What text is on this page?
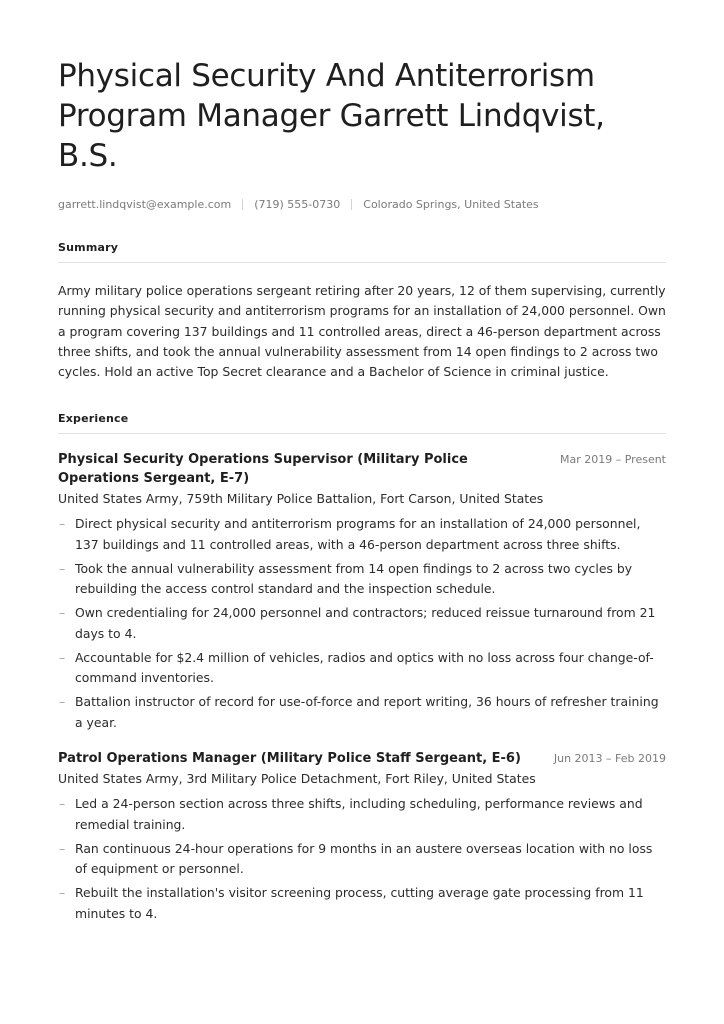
Physical Security And Antiterrorism Program Manager Garrett Lindqvist, B.S.
garrett.lindqvist@example.com (719) 555-0730 Colorado Springs, United States
Summary
Army military police operations sergeant retiring after 20 years, 12 of them supervising, currently running physical security and antiterrorism programs for an installation of 24,000 personnel. Own a program covering 137 buildings and 11 controlled areas, direct a 46-person department across three shifts, and took the annual vulnerability assessment from 14 open findings to 2 across two cycles. Hold an active Top Secret clearance and a Bachelor of Science in criminal justice.
Experience
Physical Security Operations Supervisor (Military Police Operations Sergeant, E-7)
Mar 2019 – Present
United States Army, 759th Military Police Battalion, Fort Carson, United States
– Direct physical security and antiterrorism programs for an installation of 24,000 personnel, 137 buildings and 11 controlled areas, with a 46-person department across three shifts.
– Took the annual vulnerability assessment from 14 open findings to 2 across two cycles by rebuilding the access control standard and the inspection schedule.
– Own credentialing for 24,000 personnel and contractors; reduced reissue turnaround from 21 days to 4.
– Accountable for $2.4 million of vehicles, radios and optics with no loss across four change-of-command inventories.
– Battalion instructor of record for use-of-force and report writing, 36 hours of refresher training a year.
Patrol Operations Manager (Military Police Staff Sergeant, E-6)	Jun 2013 – Feb 2019
United States Army, 3rd Military Police Detachment, Fort Riley, United States
– Led a 24-person section across three shifts, including scheduling, performance reviews and remedial training.
– Ran continuous 24-hour operations for 9 months in an austere overseas location with no loss of equipment or personnel.
– Rebuilt the installation's visitor screening process, cutting average gate processing from 11 minutes to 4.
